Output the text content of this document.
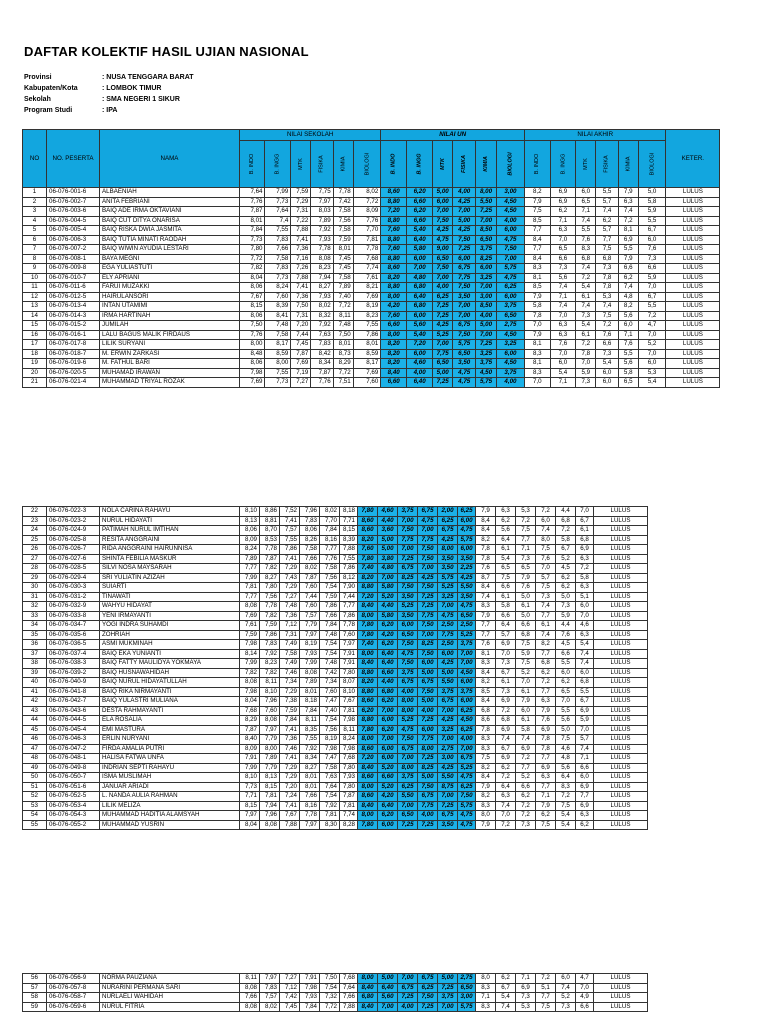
DAFTAR KOLEKTIF HASIL UJIAN NASIONAL
Provinsi	: NUSA TENGGARA BARAT
Kabupaten/Kota	: LOMBOK TIMUR
Sekolah	: SMA NEGERI 1 SIKUR
Program Studi	: IPA
NO	NO. PESERTA	NAMA	NILAI SEKOLAH						NILAI UN						NILAI AKHIR						KETER.
			B. INDO	B. INGG	MTK	FISIKA	KIMIA	BIOLOGI	B. INDO	B. INGG	MTK	FISIKA	KIMIA	BIOLOGI	B. INDO	B. INGG	MTK	FISIKA	KIMIA	BIOLOGI	
1	06-076-001-6	ALBAENIAH	7,64	7,99	7,59	7,75	7,78	8,02	8,60	6,20	5,00	4,00	8,00	3,00	8,2	6,9	6,0	5,5	7,9	5,0	LULUS
2	06-076-002-7	ANITA FEBRIANI	7,76	7,73	7,29	7,97	7,42	7,72	8,80	6,60	6,00	4,25	5,50	4,50	7,9	6,9	6,5	5,7	6,3	5,8	LULUS
3	06-076-003-6	BAIQ ADE IRMA OKTAVIANI	7,87	7,64	7,31	8,03	7,58	8,09	7,20	6,20	7,00	7,00	7,25	4,50	7,5	6,2	7,1	7,4	7,4	5,9	LULUS
4	06-076-004-5	BAIQ CUT DITYA ONARISA	8,01	7,4	7,22	7,89	7,56	7,76	8,80	6,60	7,50	5,00	7,00	4,00	8,5	7,1	7,4	6,2	7,2	5,5	LULUS
5	06-076-005-4	BAIQ RISKA DWIA JASMITA	7,84	7,55	7,88	7,92	7,58	7,70	7,60	5,40	4,25	4,25	8,50	6,00	7,7	6,3	5,5	5,7	8,1	6,7	LULUS
6	06-076-006-3	BAIQ TUTIA MINATI RAODAH	7,73	7,83	7,41	7,93	7,59	7,81	8,80	6,40	4,75	7,50	6,50	4,75	8,4	7,0	7,6	7,7	6,9	6,0	LULUS
7	06-076-007-2	BAIQ WIWIN AYUDIA LESTARI	7,80	7,66	7,36	7,78	8,01	7,78	7,60	5,80	9,00	7,25	3,75	7,50	7,7	6,5	8,3	7,5	5,5	7,6	LULUS
8	06-076-008-1	BAYA MEGNI	7,72	7,58	7,16	8,08	7,45	7,68	8,80	6,00	6,50	6,00	8,25	7,00	8,4	6,6	6,8	6,8	7,9	7,3	LULUS
9	06-076-009-8	EGA YULIASTUTI	7,82	7,83	7,26	8,23	7,45	7,74	8,60	7,00	7,50	6,75	6,00	5,75	8,3	7,3	7,4	7,3	6,6	6,6	LULUS
10	06-076-010-7	ELY APRIANI	8,04	7,73	7,88	7,94	7,58	7,61	8,20	4,80	7,00	7,75	3,25	4,75	8,1	5,6	7,2	7,8	6,2	5,9	LULUS
11	06-076-011-6	FARUI MUZAKKI	8,06	8,24	7,41	8,27	7,89	8,21	8,80	6,80	4,00	7,50	7,00	6,25	8,5	7,4	5,4	7,8	7,4	7,0	LULUS
12	06-076-012-5	HAIRULANSORI	7,67	7,60	7,36	7,93	7,40	7,69	8,00	6,40	6,25	3,50	3,00	6,00	7,9	7,1	6,1	5,3	4,8	6,7	LULUS
13	06-076-013-4	INTAN UTAMIMI	8,15	8,39	7,50	8,02	7,72	8,19	4,20	6,80	7,25	7,00	8,50	3,75	5,8	7,4	7,4	7,4	8,2	5,5	LULUS
14	06-076-014-3	IRMA HARTINAH	8,06	8,41	7,31	8,32	8,11	8,23	7,60	6,00	7,25	7,00	4,00	6,50	7,8	7,0	7,3	7,5	5,6	7,2	LULUS
15	06-076-015-2	JUMILAH	7,50	7,48	7,20	7,92	7,48	7,55	6,60	5,60	4,25	6,75	5,00	2,75	7,0	6,3	5,4	7,2	6,0	4,7	LULUS
16	06-076-016-1	LALU BAGUS MALIK FIRDAUS	7,76	7,58	7,44	7,63	7,50	7,86	8,00	5,40	5,25	7,50	7,00	4,50	7,9	6,3	6,1	7,6	7,1	7,0	LULUS
17	06-076-017-8	LILIK SURYANI	8,00	8,17	7,45	7,83	8,01	8,01	8,20	7,20	7,00	5,75	7,25	3,25	8,1	7,6	7,2	6,6	7,6	5,2	LULUS
18	06-076-018-7	M. ERWIN ZARKASI	8,48	8,59	7,87	8,42	8,73	8,59	8,20	6,00	7,75	6,50	3,25	6,00	8,3	7,0	7,8	7,3	5,5	7,0	LULUS
19	06-076-019-6	M. FATHUL BARI	8,06	8,00	7,69	8,34	8,29	8,17	8,20	4,60	6,50	3,50	3,75	4,50	8,1	6,0	7,0	5,4	5,6	6,0	LULUS
20	06-076-020-5	MUHAMAD IRAWAN	7,98	7,55	7,19	7,87	7,72	7,69	8,40	4,00	5,00	4,75	4,50	3,75	8,3	5,4	5,9	6,0	5,8	5,3	LULUS
21	06-076-021-4	MUHAMMAD TRIYAL ROZAK	7,69	7,73	7,27	7,76	7,51	7,60	6,60	6,40	7,25	4,75	5,75	4,00	7,0	7,1	7,3	6,0	6,5	5,4	LULUS
22	06-076-022-3	NOLA CARINA RAHAYU	8,10	8,86	7,52	7,96	8,02	8,18	7,80	4,60	3,75	6,75	2,00	6,25	7,9	6,3	5,3	7,2	4,4	7,0	LULUS
23	06-076-023-2	NURUL HIDAYATI	8,13	8,81	7,41	7,83	7,70	7,71	8,60	4,40	7,00	4,75	6,25	6,00	8,4	6,2	7,2	6,0	6,8	6,7	LULUS
24	06-076-024-9	PATIMAH NURUL IMTIHAN	8,06	8,70	7,57	8,06	7,84	8,15	8,60	3,60	7,50	7,00	6,75	4,75	8,4	5,6	7,5	7,4	7,2	6,1	LULUS
25	06-076-025-8	RESITA ANGGRAINI	8,09	8,53	7,55	8,26	8,16	8,39	8,20	5,00	7,75	7,75	4,25	5,75	8,2	6,4	7,7	8,0	5,8	6,8	LULUS
26	06-076-026-7	RIDA ANGGRAINI HAIRUNNISA	8,24	7,78	7,86	7,58	7,77	7,88	7,60	5,00	7,00	7,50	8,00	6,00	7,8	6,1	7,1	7,5	6,7	6,9	LULUS
27	06-076-027-6	SHINTA FEBILIA MASKUR	7,89	7,87	7,41	7,66	7,76	7,55	7,80	3,80	7,25	7,50	3,50	3,50	7,8	5,4	7,3	7,6	5,2	6,3	LULUS
28	06-076-028-5	SILVI NOSA MAYSARAH	7,77	7,82	7,29	8,02	7,58	7,86	7,40	4,80	6,75	7,00	3,50	2,25	7,6	6,5	6,5	7,0	4,5	7,2	LULUS
29	06-076-029-4	SRI YULIATIN AZIZAH	7,99	8,27	7,43	7,87	7,56	8,12	8,20	7,00	8,25	4,25	5,75	4,25	8,7	7,5	7,9	5,7	6,2	5,8	LULUS
30	06-076-030-3	SUIARTI	7,81	7,80	7,29	7,60	7,54	7,90	8,80	5,80	7,50	7,50	5,25	5,50	8,4	6,6	7,6	7,5	6,2	6,3	LULUS
31	06-076-031-2	TINAWATI	7,77	7,56	7,27	7,44	7,59	7,44	7,20	5,20	3,50	7,25	3,25	3,50	7,4	6,1	5,0	7,3	5,0	5,1	LULUS
32	06-076-032-9	WAHYU HIDAYAT	8,08	7,78	7,48	7,60	7,86	7,77	8,40	4,40	5,25	7,25	7,00	4,75	8,3	5,8	6,1	7,4	7,3	6,0	LULUS
33	06-076-033-8	YENI IRMAYANTI	7,69	7,82	7,36	7,57	7,66	7,86	8,00	5,80	3,50	7,75	4,75	6,50	7,9	6,6	5,0	7,7	5,9	7,0	LULUS
34	06-076-034-7	YOGI INDRA SUHAMDI	7,61	7,59	7,12	7,79	7,84	7,78	7,80	6,20	6,00	7,50	2,50	2,50	7,7	6,4	6,6	6,1	4,4	4,6	LULUS
35	06-076-035-6	ZOHRIAH	7,59	7,86	7,31	7,97	7,48	7,60	7,80	4,20	6,50	7,00	7,75	5,25	7,7	5,7	6,8	7,4	7,6	6,3	LULUS
36	06-076-036-5	ASMI MUKMINAH	7,98	7,83	7,49	8,19	7,54	7,97	7,40	6,20	7,50	8,25	2,50	3,75	7,6	6,9	7,5	8,2	4,5	5,4	LULUS
37	06-076-037-4	BAIQ EKA YUNIANTI	8,14	7,92	7,58	7,93	7,54	7,91	8,00	6,40	4,75	7,50	6,00	7,00	8,1	7,0	5,9	7,7	6,6	7,4	LULUS
38	06-076-038-3	BAIQ FATTY MAULIDYA YOKMAYA	7,99	8,23	7,49	7,99	7,48	7,91	8,40	6,40	7,50	6,00	4,25	7,00	8,3	7,3	7,5	6,8	5,5	7,4	LULUS
39	06-076-039-2	BAIQ HUSNAWAHIDAH	7,82	7,82	7,46	8,08	7,42	7,80	8,80	6,60	3,75	5,00	5,00	4,50	8,4	6,7	5,2	6,2	6,0	6,0	LULUS
40	06-076-040-9	BAIQ NURUL HIDAYATULLAH	8,08	8,11	7,34	7,89	7,34	8,07	8,20	4,40	6,75	6,75	5,50	6,00	8,2	6,1	7,0	7,2	6,2	6,8	LULUS
41	06-076-041-8	BAIQ RIKA NIRMAYANTI	7,98	8,10	7,29	8,01	7,60	8,10	8,80	6,80	4,00	7,50	3,75	3,75	8,5	7,3	6,1	7,7	6,5	5,5	LULUS
42	06-076-042-7	BAIQ YULASTRI MULIANA	8,04	7,96	7,38	8,18	7,47	7,67	8,60	6,20	8,00	5,00	6,75	6,00	8,4	6,9	7,9	6,3	7,0	6,7	LULUS
43	06-076-043-6	DESTA RAHMAYANTI	7,68	7,60	7,59	7,84	7,40	7,81	6,20	7,00	8,00	4,00	7,00	6,25	6,8	7,2	6,0	7,9	5,5	6,9	LULUS
44	06-076-044-5	ELA ROSALIA	8,29	8,08	7,84	8,11	7,54	7,98	8,80	6,00	5,25	7,25	4,25	4,50	8,6	6,8	6,1	7,6	5,6	5,9	LULUS
45	06-076-045-4	EMI MASTURA	7,87	7,97	7,41	8,35	7,56	8,11	7,80	6,20	4,75	6,00	3,25	6,25	7,8	6,9	5,8	6,9	5,0	7,0	LULUS
46	06-076-046-3	ERLIN NURYANI	8,40	7,79	7,36	7,55	8,19	8,24	8,00	7,00	7,50	7,75	7,00	4,00	8,3	7,4	7,4	7,8	7,5	5,7	LULUS
47	06-076-047-2	FIRDA AMALIA PUTRI	8,09	8,00	7,46	7,92	7,98	7,98	8,60	6,00	6,75	8,00	2,75	7,00	8,3	6,7	6,9	7,8	4,6	7,4	LULUS
48	06-076-048-1	HALISA FATWA UNFA	7,91	7,89	7,41	8,34	7,47	7,68	7,20	6,00	7,00	7,25	3,00	6,75	7,5	6,9	7,2	7,7	4,8	7,1	LULUS
49	06-076-049-8	INDRIAN SEPTI RAHAYU	7,99	7,79	7,29	8,27	7,58	7,80	8,40	5,20	8,00	8,25	4,25	5,25	8,2	6,2	7,7	6,9	5,6	6,6	LULUS
50	06-076-050-7	ISMA MUSLIMAH	8,10	8,13	7,29	8,01	7,63	7,93	8,60	6,60	3,75	5,00	5,50	4,75	8,4	7,2	5,2	6,3	6,4	6,0	LULUS
51	06-076-051-6	JANUAR ARIADI	7,73	8,15	7,20	8,01	7,64	7,80	8,00	5,20	6,25	7,50	8,75	6,25	7,9	6,4	6,6	7,7	8,3	6,9	LULUS
52	06-076-052-5	L. NANDA AULIA RAHMAN	7,71	7,81	7,24	7,66	7,54	7,87	8,60	4,20	5,50	6,75	7,00	7,50	8,2	6,3	6,2	7,1	7,2	7,7	LULUS
53	06-076-053-4	LILIK MELIZA	8,15	7,94	7,41	8,16	7,92	7,81	8,40	6,40	7,00	7,75	7,25	5,75	8,3	7,4	7,2	7,9	7,5	6,9	LULUS
54	06-076-054-3	MUHAMMAD HADITIA ALAMSYAH	7,97	7,96	7,67	7,78	7,81	7,74	8,00	6,20	6,50	4,00	6,75	4,75	8,0	7,0	7,2	6,2	5,4	6,3	LULUS
55	06-076-055-2	MUHAMMAD YUSRIN	8,04	8,08	7,88	7,97	8,30	8,28	7,80	6,00	7,25	7,25	3,50	4,75	7,9	7,2	7,3	7,5	5,4	6,2	LULUS
56	06-076-056-9	NORMA PAUZIANA	8,11	7,97	7,27	7,91	7,50	7,68	8,00	5,00	7,00	6,75	5,00	2,75	8,0	6,2	7,1	7,2	6,0	4,7	LULUS
57	06-076-057-8	NURARINI PERMANA SARI	8,08	7,83	7,12	7,98	7,54	7,64	8,40	6,40	6,75	6,25	7,25	6,50	8,3	6,7	6,9	5,1	7,4	7,0	LULUS
58	06-076-058-7	NURLAELI WAHIDAH	7,66	7,57	7,42	7,93	7,32	7,66	6,80	5,60	7,25	7,50	3,75	3,00	7,1	5,4	7,3	7,7	5,2	4,9	LULUS
59	06-076-059-6	NURUL FITRIA	8,08	8,02	7,45	7,84	7,72	7,88	8,40	7,00	4,00	7,25	7,00	5,75	8,3	7,4	5,3	7,5	7,3	6,6	LULUS
